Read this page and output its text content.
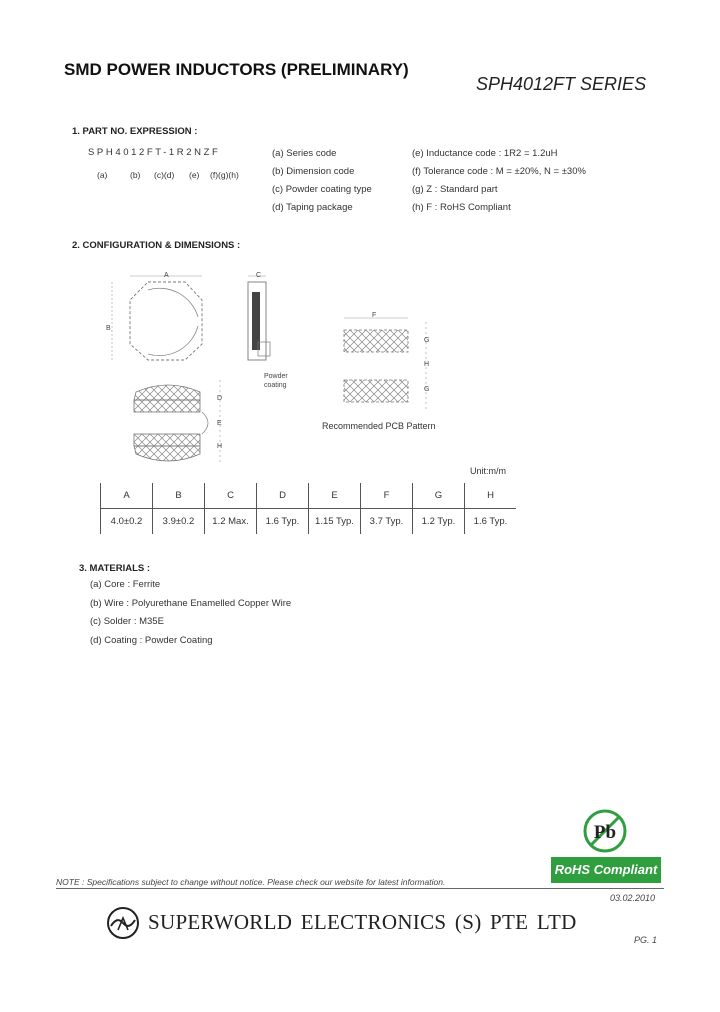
SMD POWER INDUCTORS (PRELIMINARY)
SPH4012FT SERIES
1. PART NO. EXPRESSION :
SPH4012FT-1R2NZF
(a)	(b) (c)(d) (e) (f)(g)(h)
(a) Series code
(b) Dimension code
(c) Powder coating type
(d) Taping package
(e) Inductance code : 1R2 = 1.2uH
(f) Tolerance code : M = ±20%, N = ±30%
(g) Z : Standard part
(h) F : RoHS Compliant
2. CONFIGURATION & DIMENSIONS :
A
B
C
D
E
H
F
G
H
G
Powder coating
Recommended PCB Pattern
Unit:m/m
A	B	C	D	E	F	G	H
4.0±0.2	3.9±0.2	1.2 Max.	1.6 Typ.	1.15 Typ.	3.7 Typ.	1.2 Typ.	1.6 Typ.
3. MATERIALS :
(a) Core : Ferrite
(b) Wire : Polyurethane Enamelled Copper Wire
(c) Solder : M35E
(d) Coating : Powder Coating
Pb
RoHS Compliant
NOTE : Specifications subject to change without notice. Please check our website for latest information.
03.02.2010
SUPERWORLD ELECTRONICS (S) PTE LTD
PG. 1
